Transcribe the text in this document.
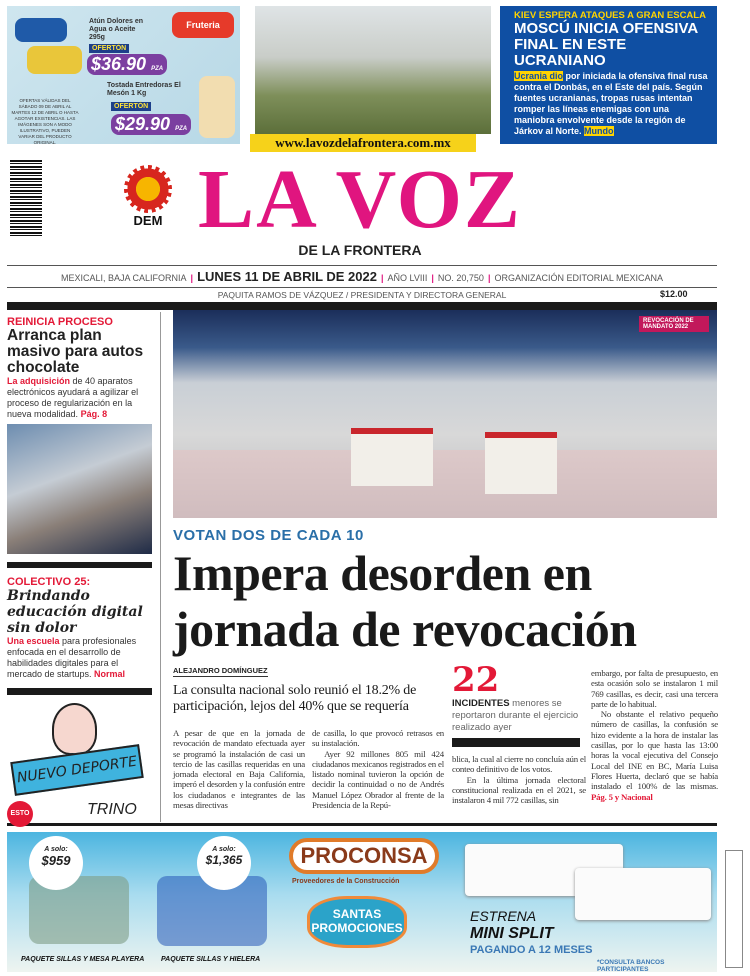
Atún Dolores en Agua o Aceite 295g
OFERTÓN
$36.90 PZA
Fruteria
Tostada Entredoras El Mesón 1 Kg
OFERTÓN
$29.90 PZA
OFERTAS VÁLIDAS DEL SÁBADO 09 DE ABRIL AL MARTES 12 DE ABRIL O HASTA AGOTAR EXISTENCIAS. LAS IMÁGENES SON A MODO ILUSTRATIVO, PUEDEN VARIAR DEL PRODUCTO ORIGINAL.	www.lavozdelafrontera.com.mx
KIEV ESPERA ATAQUES A GRAN ESCALA
MOSCÚ INICIA OFENSIVA FINAL EN ESTE UCRANIANO
Ucrania dio por iniciada la ofensiva final rusa contra el Donbás, en el Este del país. Según fuentes ucranianas, tropas rusas intentan romper las líneas enemigas con una maniobra envolvente desde la región de Járkov al Norte. Mundo
DEM LA VOZ
DE LA FRONTERA
MEXICALI, BAJA CALIFORNIA | LUNES 11 DE ABRIL DE 2022 | AÑO LVIII | NO. 20,750 | ORGANIZACIÓN EDITORIAL MEXICANA
PAQUITA RAMOS DE VÁZQUEZ / PRESIDENTA Y DIRECTORA GENERAL	$12.00
REINICIA PROCESO
Arranca plan masivo para autos chocolate

La adquisición de 40 aparatos electrónicos ayudará a agilizar el proceso de regularización en la nueva modalidad. Pág. 8

COLECTIVO 25:
Brindando educación digital sin dolor

Una escuela para profesionales enfocada en el desarrollo de habilidades digitales para el mercado de startups. Normal

NUEVO DEPORTE
TRINO
ESTO
REVOCACIÓN DE MANDATO 2022
VOTAN DOS DE CADA 10
Impera desorden en jornada de revocación
ALEJANDRO DOMÍNGUEZ
La consulta nacional solo reunió el 18.2% de participación, lejos del 40% que se requería
A pesar de que en la jornada de revocación de mandato efectuada ayer se programó la instalación de casi un tercio de las casillas requeridas en una jornada electoral en Baja California, imperó el desorden y la confusión entre los ciudadanos e integrantes de las mesas directivas
de casilla, lo que provocó retrasos en su instalación.
Ayer 92 millones 805 mil 424 ciudadanos mexicanos registrados en el listado nominal tuvieron la opción de decidir la continuidad o no de Andrés Manuel López Obrador al frente de la Presidencia de la Repú-
22
INCIDENTES menores se reportaron durante el ejercicio realizado ayer
blica, la cual al cierre no concluía aún el conteo definitivo de los votos.
En la última jornada electoral constitucional realizada en el 2021, se instalaron 4 mil 772 casillas, sin
embargo, por falta de presupuesto, en esta ocasión solo se instalaron 1 mil 769 casillas, es decir, casi una tercera parte de lo habitual.
No obstante el relativo pequeño número de casillas, la confusión se hizo evidente a la hora de instalar las casillas, por lo que hasta las 13:00 horas la vocal ejecutiva del Consejo Local del INE en BC, María Luisa Flores Huerta, declaró que se había instalado el 100% de las mismas. Pág. 5 y Nacional
A solo:
$959
PAQUETE SILLAS Y MESA PLAYERA
A solo:
$1,365
PAQUETE SILLAS Y HIELERA
PROCONSA
Proveedores de la Construcción
SANTAS PROMOCIONES
ESTRENA
MINI SPLIT
PAGANDO A 12 MESES
*CONSULTA BANCOS PARTICIPANTES
